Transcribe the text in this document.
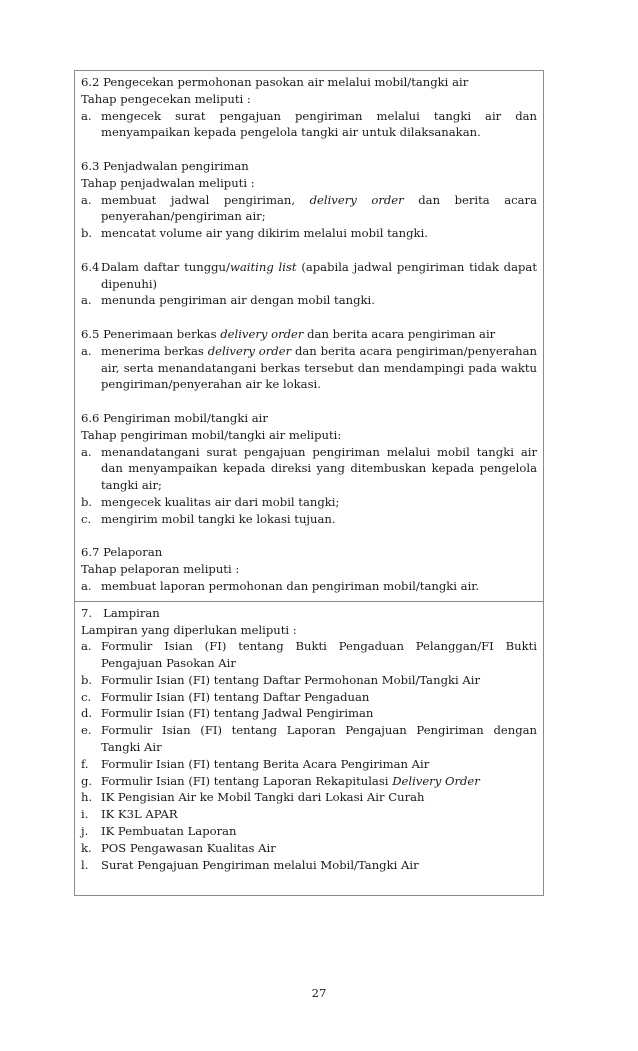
6.2 Pengecekan permohonan pasokan air melalui mobil/tangki air
Tahap pengecekan meliputi :
a. mengecek surat pengajuan pengiriman melalui tangki air dan menyampaikan kepada pengelola tangki air untuk dilaksanakan.
6.3 Penjadwalan pengiriman
Tahap penjadwalan meliputi :
a. membuat jadwal pengiriman, delivery order dan berita acara penyerahan/pengiriman air;
b. mencatat volume air yang dikirim melalui mobil tangki.
6.4 Dalam daftar tunggu/waiting list (apabila jadwal pengiriman tidak dapat dipenuhi)
a. menunda pengiriman air dengan mobil tangki.
6.5 Penerimaan berkas delivery order dan berita acara pengiriman air
a. menerima berkas delivery order dan berita acara pengiriman/penyerahan air, serta menandatangani berkas tersebut dan mendampingi pada waktu pengiriman/penyerahan air ke lokasi.
6.6 Pengiriman mobil/tangki air
Tahap pengiriman mobil/tangki air meliputi:
a. menandatangani surat pengajuan pengiriman melalui mobil tangki air dan menyampaikan kepada direksi yang ditembuskan kepada pengelola tangki air;
b. mengecek kualitas air dari mobil tangki;
c. mengirim mobil tangki ke lokasi tujuan.
6.7 Pelaporan
Tahap pelaporan meliputi :
a. membuat laporan permohonan dan pengiriman mobil/tangki air.
7.   Lampiran
Lampiran yang diperlukan meliputi :
a. Formulir Isian (FI) tentang Bukti Pengaduan Pelanggan/FI Bukti Pengajuan Pasokan Air
b. Formulir Isian (FI) tentang Daftar Permohonan Mobil/Tangki Air
c. Formulir Isian (FI) tentang Daftar Pengaduan
d. Formulir Isian (FI) tentang Jadwal Pengiriman
e. Formulir Isian (FI) tentang Laporan Pengajuan Pengiriman dengan Tangki Air
f.	Formulir Isian (FI) tentang Berita Acara Pengiriman Air
g. Formulir Isian (FI) tentang Laporan Rekapitulasi Delivery Order
h. IK Pengisian Air ke Mobil Tangki dari Lokasi Air Curah
i.	IK K3L APAR
j.	IK Pembuatan Laporan
k. POS Pengawasan Kualitas Air
l.	Surat Pengajuan Pengiriman melalui Mobil/Tangki Air
27
